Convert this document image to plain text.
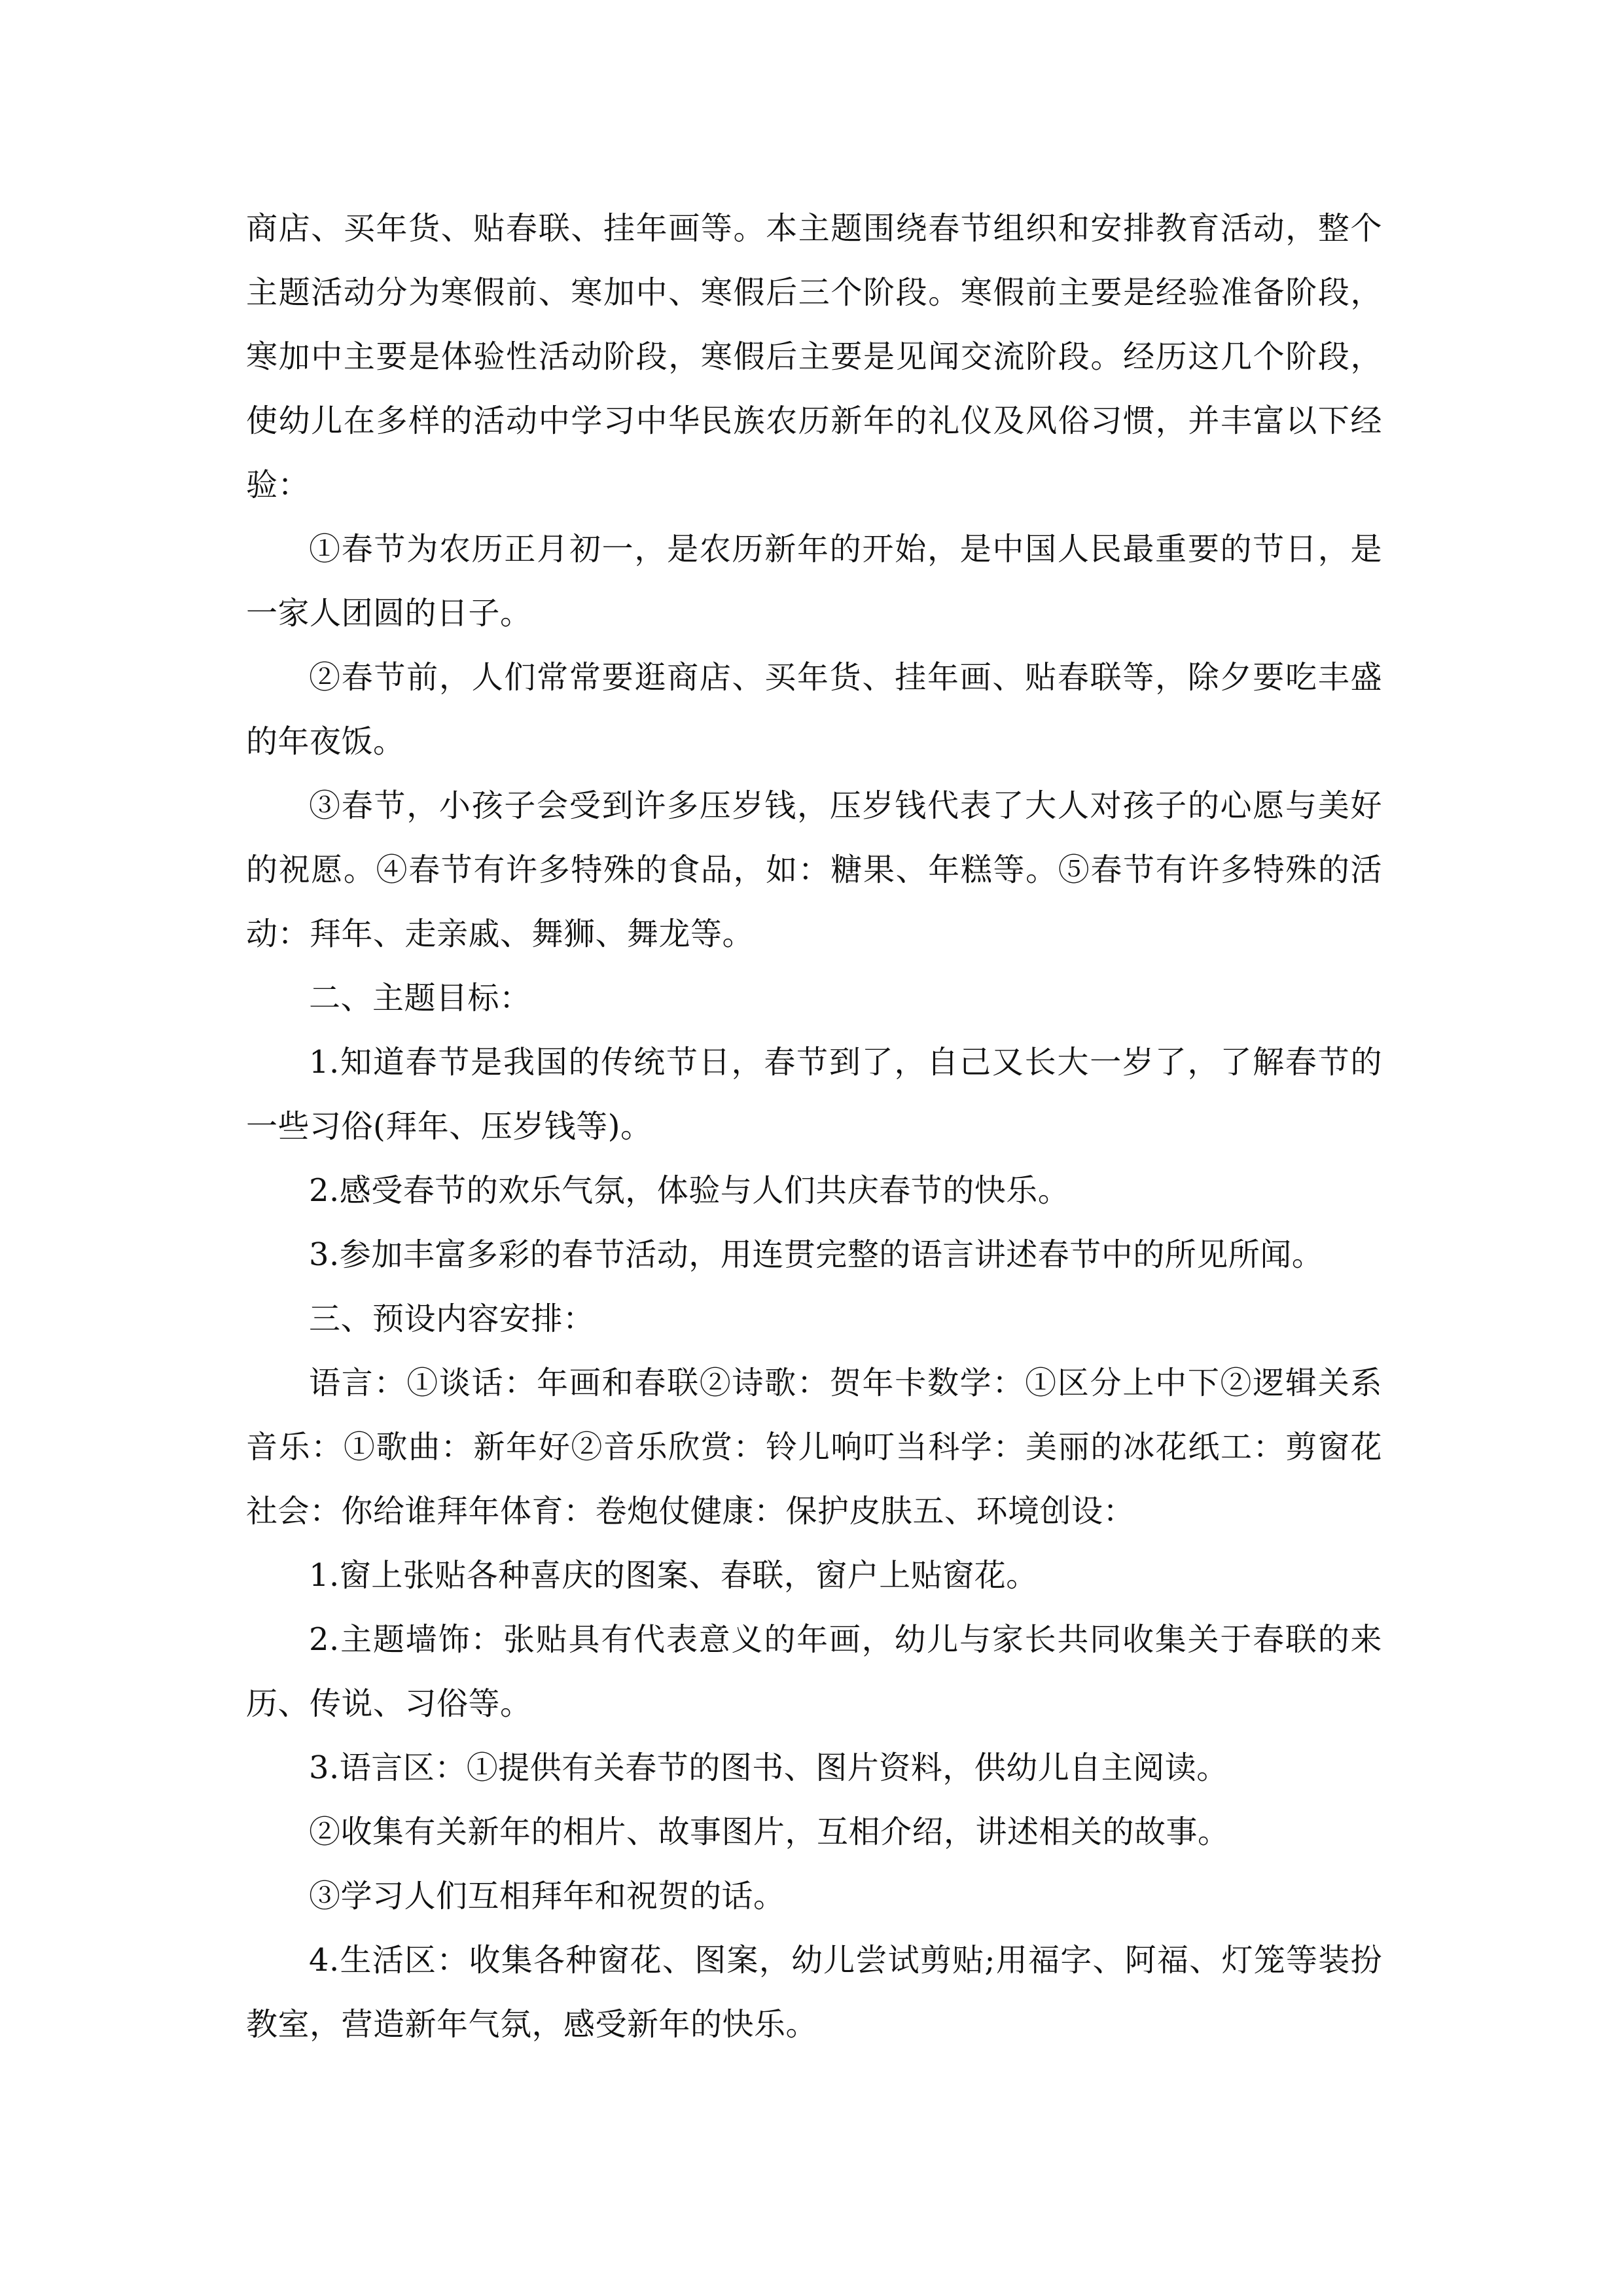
商店、买年货、贴春联、挂年画等。本主题围绕春节组织和安排教育活动，整个主题活动分为寒假前、寒加中、寒假后三个阶段。寒假前主要是经验准备阶段，寒加中主要是体验性活动阶段，寒假后主要是见闻交流阶段。经历这几个阶段，使幼儿在多样的活动中学习中华民族农历新年的礼仪及风俗习惯，并丰富以下经验：

①春节为农历正月初一，是农历新年的开始，是中国人民最重要的节日，是一家人团圆的日子。

②春节前，人们常常要逛商店、买年货、挂年画、贴春联等，除夕要吃丰盛的年夜饭。

③春节，小孩子会受到许多压岁钱，压岁钱代表了大人对孩子的心愿与美好的祝愿。④春节有许多特殊的食品，如：糖果、年糕等。⑤春节有许多特殊的活动：拜年、走亲戚、舞狮、舞龙等。

二、主题目标：

1.知道春节是我国的传统节日，春节到了，自己又长大一岁了，了解春节的一些习俗(拜年、压岁钱等)。

2.感受春节的欢乐气氛，体验与人们共庆春节的快乐。

3.参加丰富多彩的春节活动，用连贯完整的语言讲述春节中的所见所闻。

三、预设内容安排：

语言：①谈话：年画和春联②诗歌：贺年卡数学：①区分上中下②逻辑关系音乐：①歌曲：新年好②音乐欣赏：铃儿响叮当科学：美丽的冰花纸工：剪窗花社会：你给谁拜年体育：卷炮仗健康：保护皮肤五、环境创设：

1.窗上张贴各种喜庆的图案、春联，窗户上贴窗花。

2.主题墙饰：张贴具有代表意义的年画，幼儿与家长共同收集关于春联的来历、传说、习俗等。

3.语言区：①提供有关春节的图书、图片资料，供幼儿自主阅读。

②收集有关新年的相片、故事图片，互相介绍，讲述相关的故事。

③学习人们互相拜年和祝贺的话。

4.生活区：收集各种窗花、图案，幼儿尝试剪贴;用福字、阿福、灯笼等装扮教室，营造新年气氛，感受新年的快乐。
